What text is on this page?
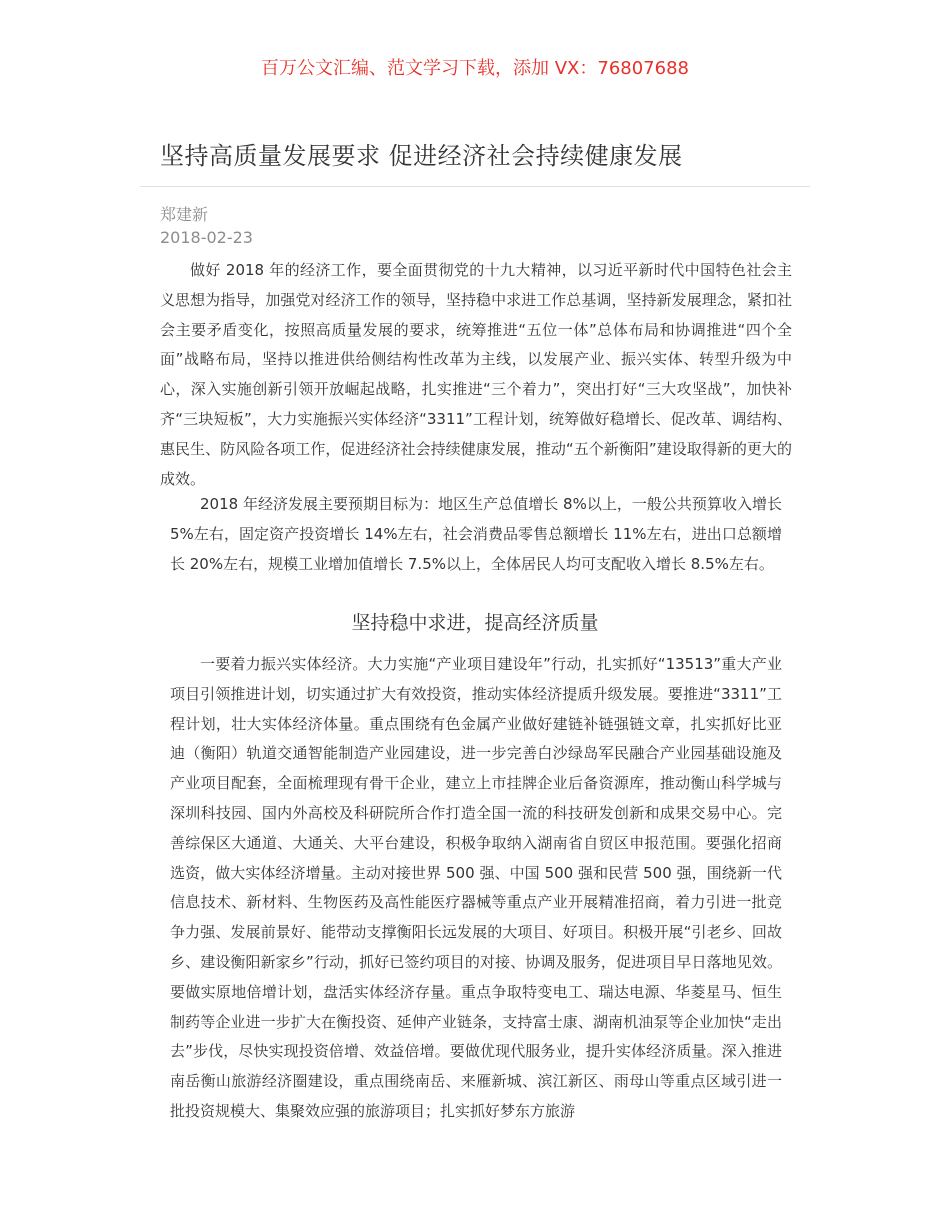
百万公文汇编、范文学习下载，添加 VX：76807688
坚持高质量发展要求 促进经济社会持续健康发展
郑建新
2018-02-23

做好 2018 年的经济工作，要全面贯彻党的十九大精神，以习近平新时代中国特色社会主义思想为指导，加强党对经济工作的领导，坚持稳中求进工作总基调，坚持新发展理念，紧扣社会主要矛盾变化，按照高质量发展的要求，统筹推进“五位一体”总体布局和协调推进“四个全面”战略布局，坚持以推进供给侧结构性改革为主线，以发展产业、振兴实体、转型升级为中心，深入实施创新引领开放崛起战略，扎实推进“三个着力”，突出打好“三大攻坚战”，加快补齐“三块短板”，大力实施振兴实体经济“3311”工程计划，统筹做好稳增长、促改革、调结构、惠民生、防风险各项工作，促进经济社会持续健康发展，推动“五个新衡阳”建设取得新的更大的成效。

2018 年经济发展主要预期目标为：地区生产总值增长 8%以上，一般公共预算收入增长 5%左右，固定资产投资增长 14%左右，社会消费品零售总额增长 11%左右，进出口总额增长 20%左右，规模工业增加值增长 7.5%以上，全体居民人均可支配收入增长 8.5%左右。

坚持稳中求进，提高经济质量

一要着力振兴实体经济。大力实施“产业项目建设年”行动，扎实抓好“13513”重大产业项目引领推进计划，切实通过扩大有效投资，推动实体经济提质升级发展。要推进“3311”工程计划，壮大实体经济体量。重点围绕有色金属产业做好建链补链强链文章，扎实抓好比亚迪（衡阳）轨道交通智能制造产业园建设，进一步完善白沙绿岛军民融合产业园基础设施及产业项目配套，全面梳理现有骨干企业，建立上市挂牌企业后备资源库，推动衡山科学城与深圳科技园、国内外高校及科研院所合作打造全国一流的科技研发创新和成果交易中心。完善综保区大通道、大通关、大平台建设，积极争取纳入湖南省自贸区申报范围。要强化招商选资，做大实体经济增量。主动对接世界 500 强、中国 500 强和民营 500 强，围绕新一代信息技术、新材料、生物医药及高性能医疗器械等重点产业开展精准招商，着力引进一批竞争力强、发展前景好、能带动支撑衡阳长远发展的大项目、好项目。积极开展“引老乡、回故乡、建设衡阳新家乡”行动，抓好已签约项目的对接、协调及服务，促进项目早日落地见效。要做实原地倍增计划，盘活实体经济存量。重点争取特变电工、瑞达电源、华菱星马、恒生制药等企业进一步扩大在衡投资、延伸产业链条，支持富士康、湖南机油泵等企业加快“走出去”步伐，尽快实现投资倍增、效益倍增。要做优现代服务业，提升实体经济质量。深入推进南岳衡山旅游经济圈建设，重点围绕南岳、来雁新城、滨江新区、雨母山等重点区域引进一批投资规模大、集聚效应强的旅游项目；扎实抓好梦东方旅游
